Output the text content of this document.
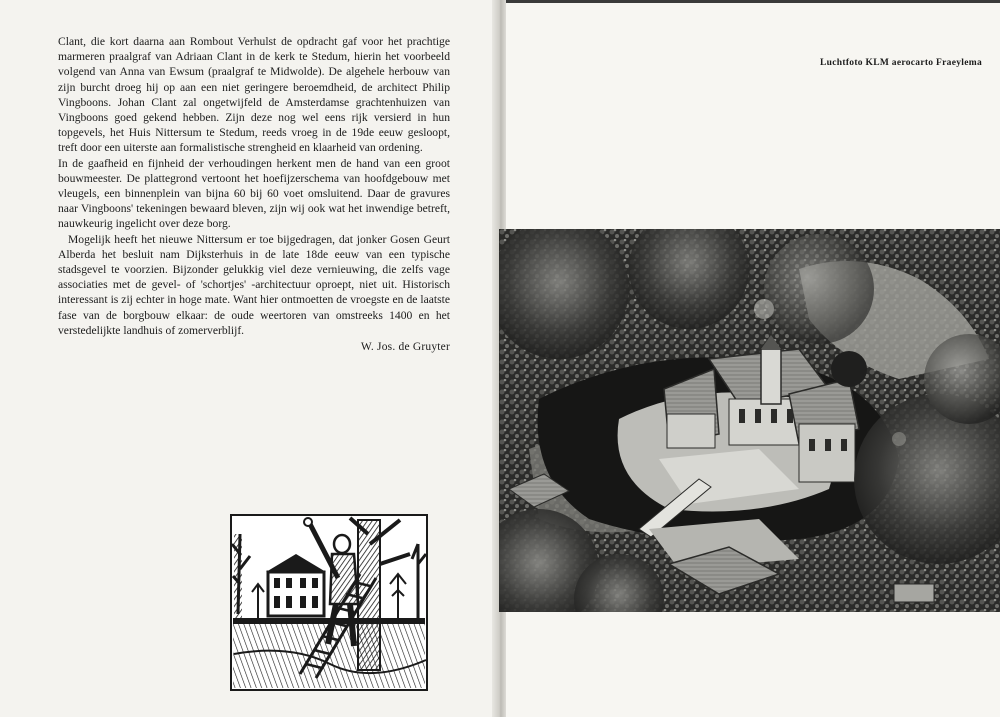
Clant, die kort daarna aan Rombout Verhulst de opdracht gaf voor het prachtige marmeren praalgraf van Adriaan Clant in de kerk te Stedum, hierin het voorbeeld volgend van Anna van Ewsum (praalgraf te Midwolde). De algehele herbouw van zijn burcht droeg hij op aan een niet geringere beroemdheid, de architect Philip Vingboons. Johan Clant zal ongetwijfeld de Amsterdamse grachtenhuizen van Vingboons goed gekend hebben. Zijn deze nog wel eens rijk versierd in hun topgevels, het Huis Nittersum te Stedum, reeds vroeg in de 19de eeuw gesloopt, treft door een uiterste aan formalistische strengheid en klaarheid van ordening.

In de gaafheid en fijnheid der verhoudingen herkent men de hand van een groot bouwmeester. De plattegrond vertoont het hoefijzerschema van hoofdgebouw met vleugels, een binnenplein van bijna 60 bij 60 voet omsluitend. Daar de gravures naar Vingboons' tekeningen bewaard bleven, zijn wij ook wat het inwendige betreft, nauwkeurig ingelicht over deze borg.

Mogelijk heeft het nieuwe Nittersum er toe bijgedragen, dat jonker Gosen Geurt Alberda het besluit nam Dijksterhuis in de late 18de eeuw van een typische stadsgevel te voorzien. Bijzonder gelukkig viel deze vernieuwing, die zelfs vage associaties met de gevel- of 'schortjes' -architectuur oproept, niet uit. Historisch interessant is zij echter in hoge mate. Want hier ontmoetten de vroegste en de laatste fase van de borgbouw elkaar: de oude weertoren van omstreeks 1400 en het verstedelijkte landhuis of zomerverblijf.

W. Jos. de Gruyter
Luchtfoto KLM aerocarto Fraeylema
